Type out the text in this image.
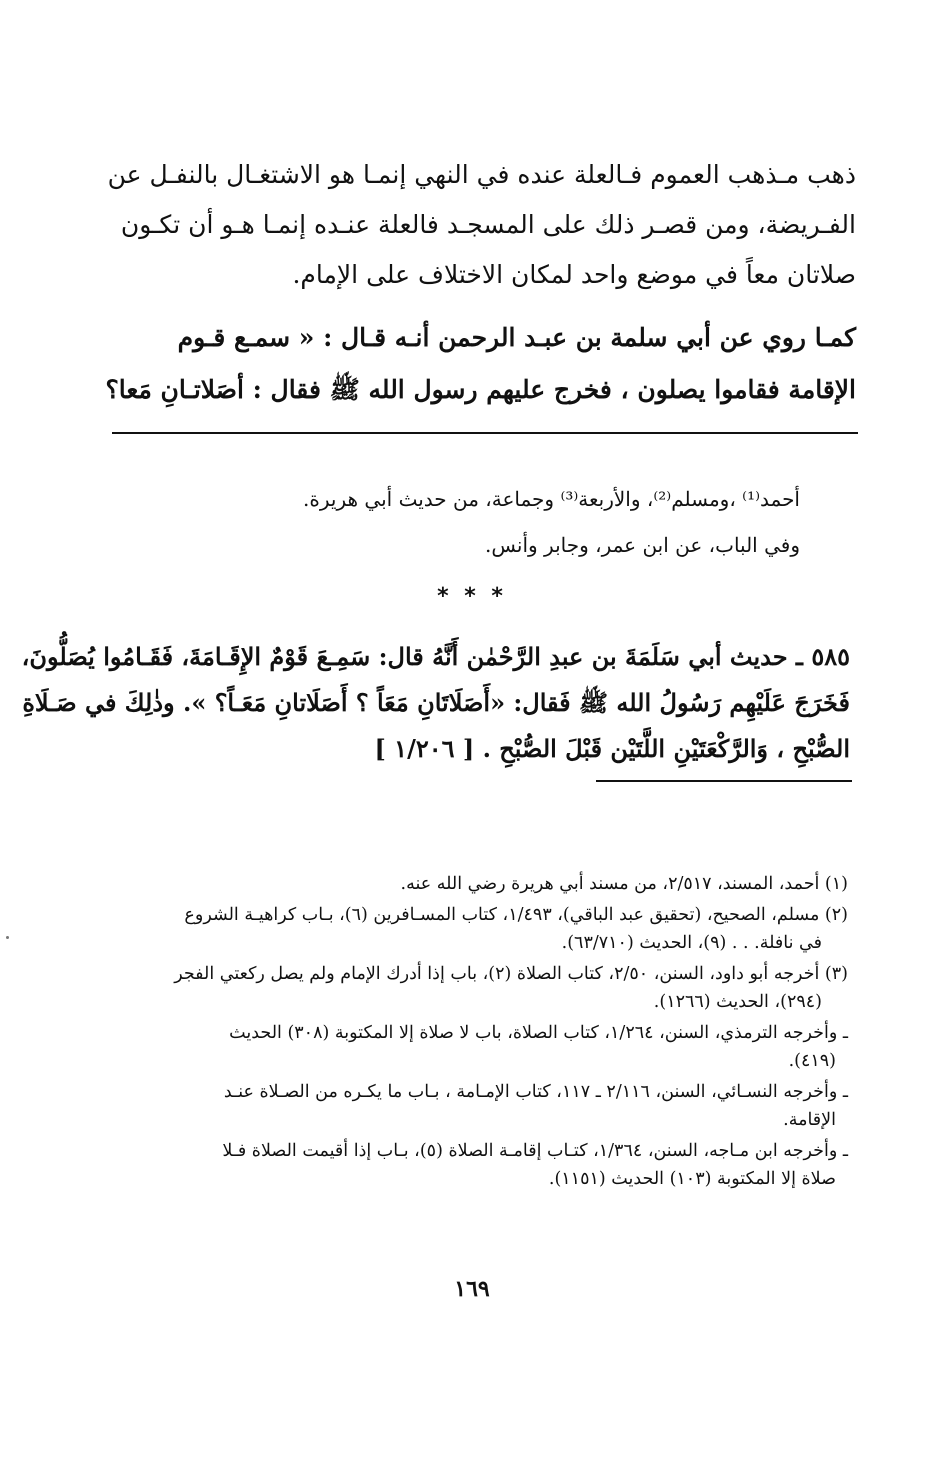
ذهب مـذهب العموم فـالعلة عنده في النهي إنمـا هو الاشتغـال بالنفـل عن
الفـريضة، ومن قصـر ذلك على المسجـد فالعلة عنـده إنمـا هـو أن تكـون
صلاتان معاً في موضع واحد لمكان الاختلاف على الإمام.
كمـا روي عن أبي سلمة بن عبـد الرحمن أنـه قـال : « سمـع قـوم
الإقامة فقاموا يصلون ، فخرج عليهم رسول الله ﷺ فقال : أصَلاتـانِ مَعا؟
أحمد⁽¹⁾ ،ومسلم⁽²⁾، والأربعة⁽³⁾ وجماعة، من حديث أبي هريرة.
وفي الباب، عن ابن عمر، وجابر وأنس.
* * *
٥٨٥ ـ حديث أبي سَلَمَةَ بن عبدِ الرَّحْمٰن أَنَّهُ قال: سَمِـعَ قَوْمٌ الإِقَـامَةَ، فَقَـامُوا يُصَلُّونَ،
فَخَرَجَ عَلَيْهِم رَسُولُ الله ﷺ فَقال: «أَصَلَاتَانِ مَعَاً ؟ أَصَلَاتانِ مَعَـاً؟ ». وذٰلِكَ في صَـلَاةِ
الصُّبْحِ ، وَالرَّكْعَتَيْنِ اللَّتَيْن قَبْلَ الصُّبْحِ . [ ١/٢٠٦ ]
(١) أحمد، المسند، ٢/٥١٧، من مسند أبي هريرة رضي الله عنه.
(٢) مسلم، الصحيح، (تحقيق عبد الباقي)، ١/٤٩٣، كتاب المسـافرين (٦)، بـاب كراهيـة الشروع
في نافلة. . . (٩)، الحديث (٦٣/٧١٠).
(٣) أخرجه أبو داود، السنن، ٢/٥٠، كتاب الصلاة (٢)، باب إذا أدرك الإمام ولم يصل ركعتي الفجر
(٢٩٤)، الحديث (١٢٦٦).
ـ وأخرجه الترمذي، السنن، ١/٢٦٤، كتاب الصلاة، باب لا صلاة إلا المكتوبة (٣٠٨) الحديث
(٤١٩).
ـ وأخرجه النسـائي، السنن، ٢/١١٦ ـ ١١٧، كتاب الإمـامة ، بـاب ما يكـره من الصـلاة عنـد
الإقامة.
ـ وأخرجه ابن مـاجه، السنن، ١/٣٦٤، كتـاب إقامـة الصلاة (٥)، بـاب إذا أقيمت الصلاة فـلا
صلاة إلا المكتوبة (١٠٣) الحديث (١١٥١).
١٦٩
